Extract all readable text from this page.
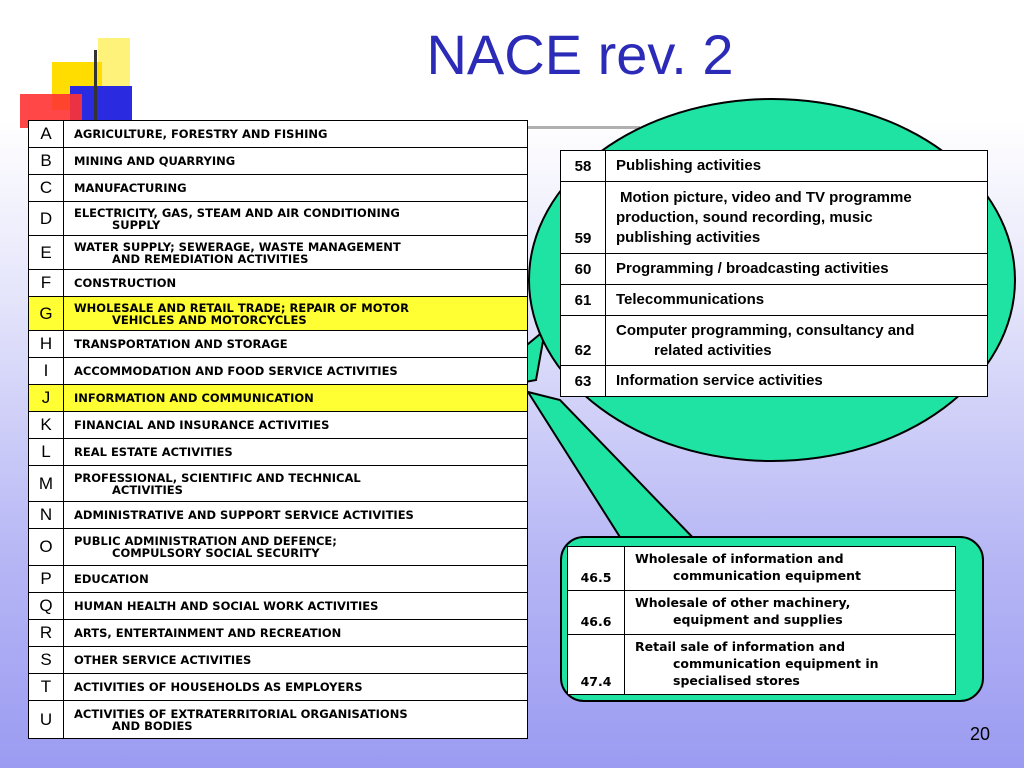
NACE rev. 2
A	AGRICULTURE, FORESTRY AND FISHING

B	MINING AND QUARRYING

C	MANUFACTURING

D	ELECTRICITY, GAS, STEAM AND AIR CONDITIONING
SUPPLY

E	WATER SUPPLY; SEWERAGE, WASTE MANAGEMENT
AND REMEDIATION ACTIVITIES

F	CONSTRUCTION

G	WHOLESALE AND RETAIL TRADE; REPAIR OF MOTOR
VEHICLES AND MOTORCYCLES

H	TRANSPORTATION AND STORAGE

I	ACCOMMODATION AND FOOD SERVICE ACTIVITIES

J	INFORMATION AND COMMUNICATION

K	FINANCIAL AND INSURANCE ACTIVITIES

L	REAL ESTATE ACTIVITIES

M	PROFESSIONAL, SCIENTIFIC AND TECHNICAL
ACTIVITIES

N	ADMINISTRATIVE AND SUPPORT SERVICE ACTIVITIES

O	PUBLIC ADMINISTRATION AND DEFENCE;
COMPULSORY SOCIAL SECURITY

P	EDUCATION

Q	HUMAN HEALTH AND SOCIAL WORK ACTIVITIES

R	ARTS, ENTERTAINMENT AND RECREATION

S	OTHER SERVICE ACTIVITIES

T	ACTIVITIES OF HOUSEHOLDS AS EMPLOYERS

U	ACTIVITIES OF EXTRATERRITORIAL ORGANISATIONS
AND BODIES
58	Publishing activities

59	Motion picture, video and TV programme
production, sound recording, music
publishing activities

60	Programming / broadcasting activities

61	Telecommunications

62	Computer programming, consultancy and
related activities

63	Information service activities
46.5	Wholesale of information and
communication equipment

46.6	Wholesale of other machinery,
equipment and supplies

47.4	Retail sale of information and
communication equipment in
specialised stores
20
